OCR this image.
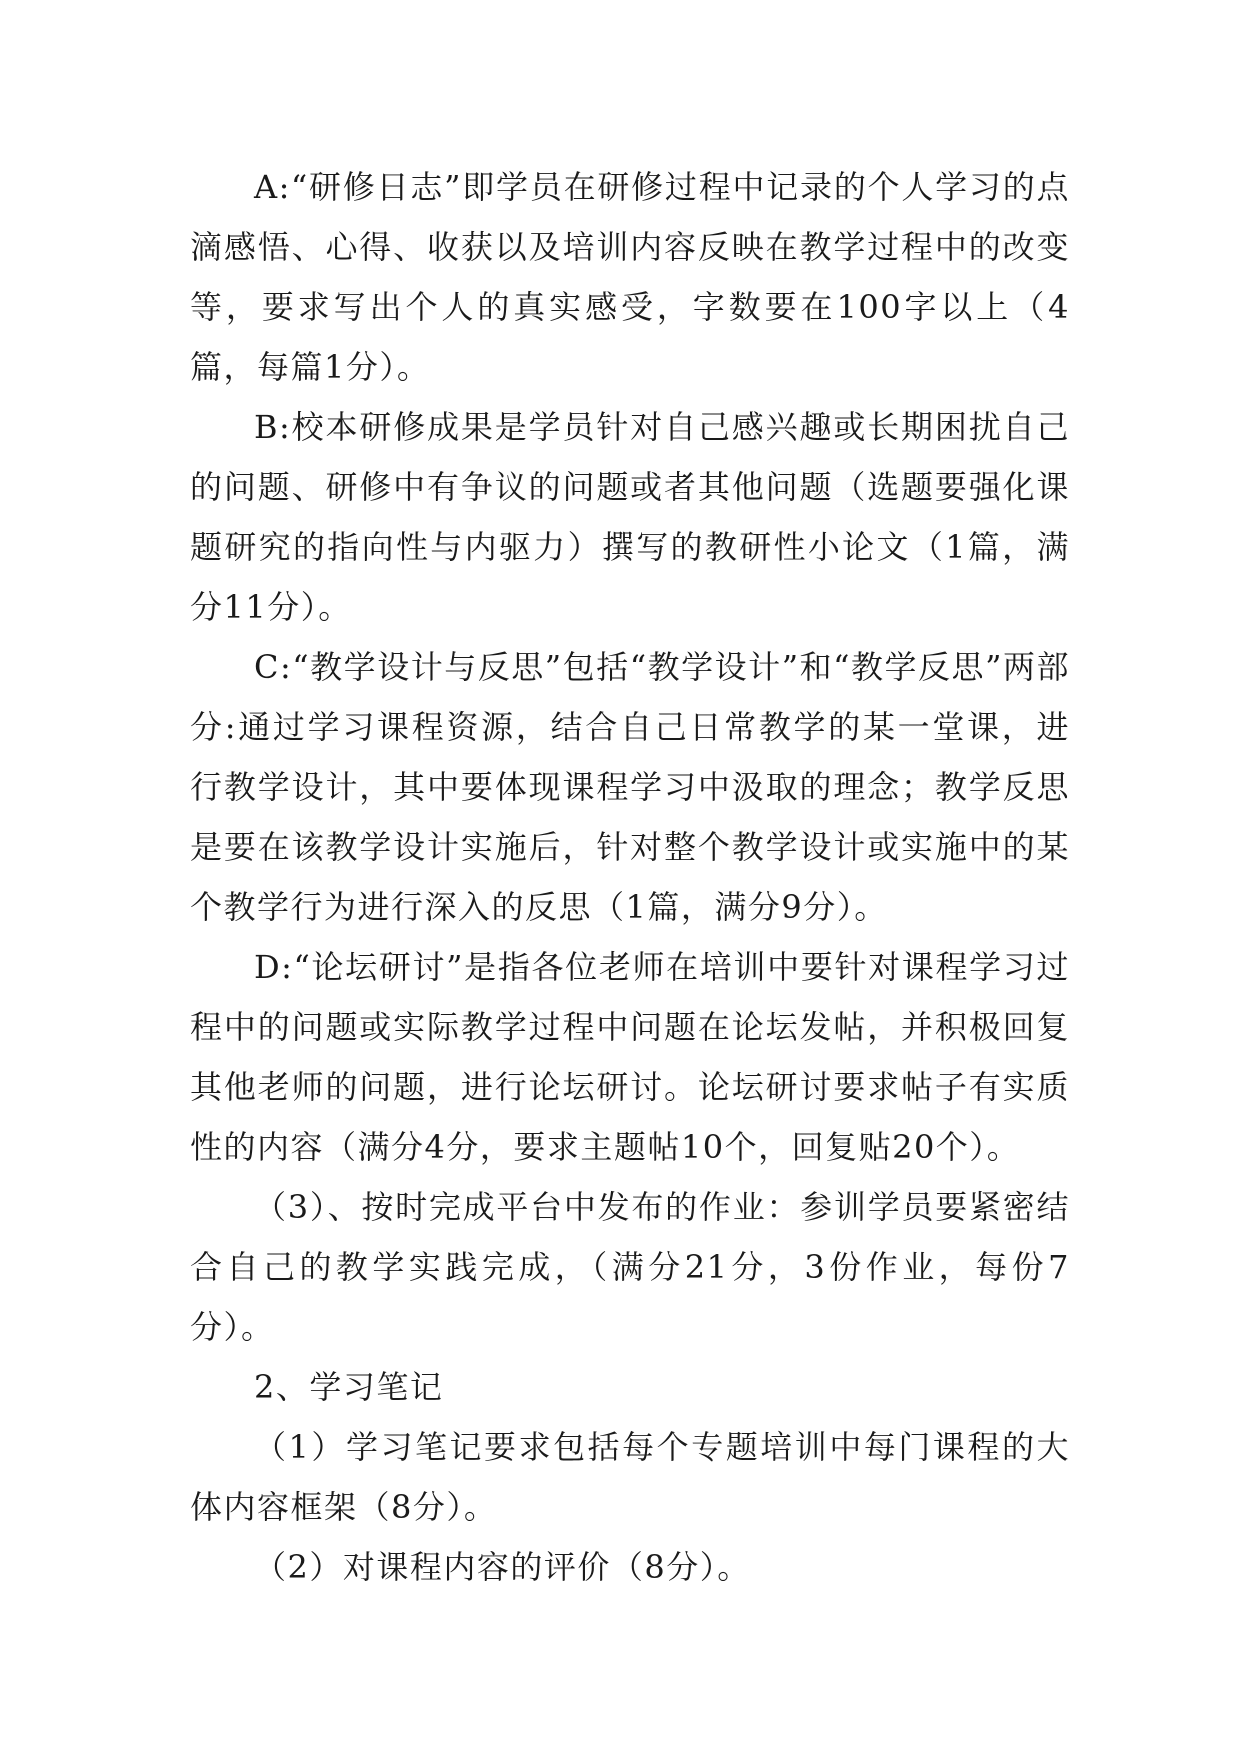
A:“研修日志”即学员在研修过程中记录的个人学习的点滴感悟、心得、收获以及培训内容反映在教学过程中的改变等，要求写出个人的真实感受，字数要在100字以上（4篇，每篇1分）。

B:校本研修成果是学员针对自己感兴趣或长期困扰自己的问题、研修中有争议的问题或者其他问题（选题要强化课题研究的指向性与内驱力）撰写的教研性小论文（1篇，满分11分）。

C:“教学设计与反思”包括“教学设计”和“教学反思”两部分:通过学习课程资源，结合自己日常教学的某一堂课，进行教学设计，其中要体现课程学习中汲取的理念；教学反思是要在该教学设计实施后，针对整个教学设计或实施中的某个教学行为进行深入的反思（1篇，满分9分）。

D:“论坛研讨”是指各位老师在培训中要针对课程学习过程中的问题或实际教学过程中问题在论坛发帖，并积极回复其他老师的问题，进行论坛研讨。论坛研讨要求帖子有实质性的内容（满分4分，要求主题帖10个，回复贴20个）。

（3）、按时完成平台中发布的作业：参训学员要紧密结合自己的教学实践完成，（满分21分，3份作业，每份7分）。

2、学习笔记

（1）学习笔记要求包括每个专题培训中每门课程的大体内容框架（8分）。

（2）对课程内容的评价（8分）。
